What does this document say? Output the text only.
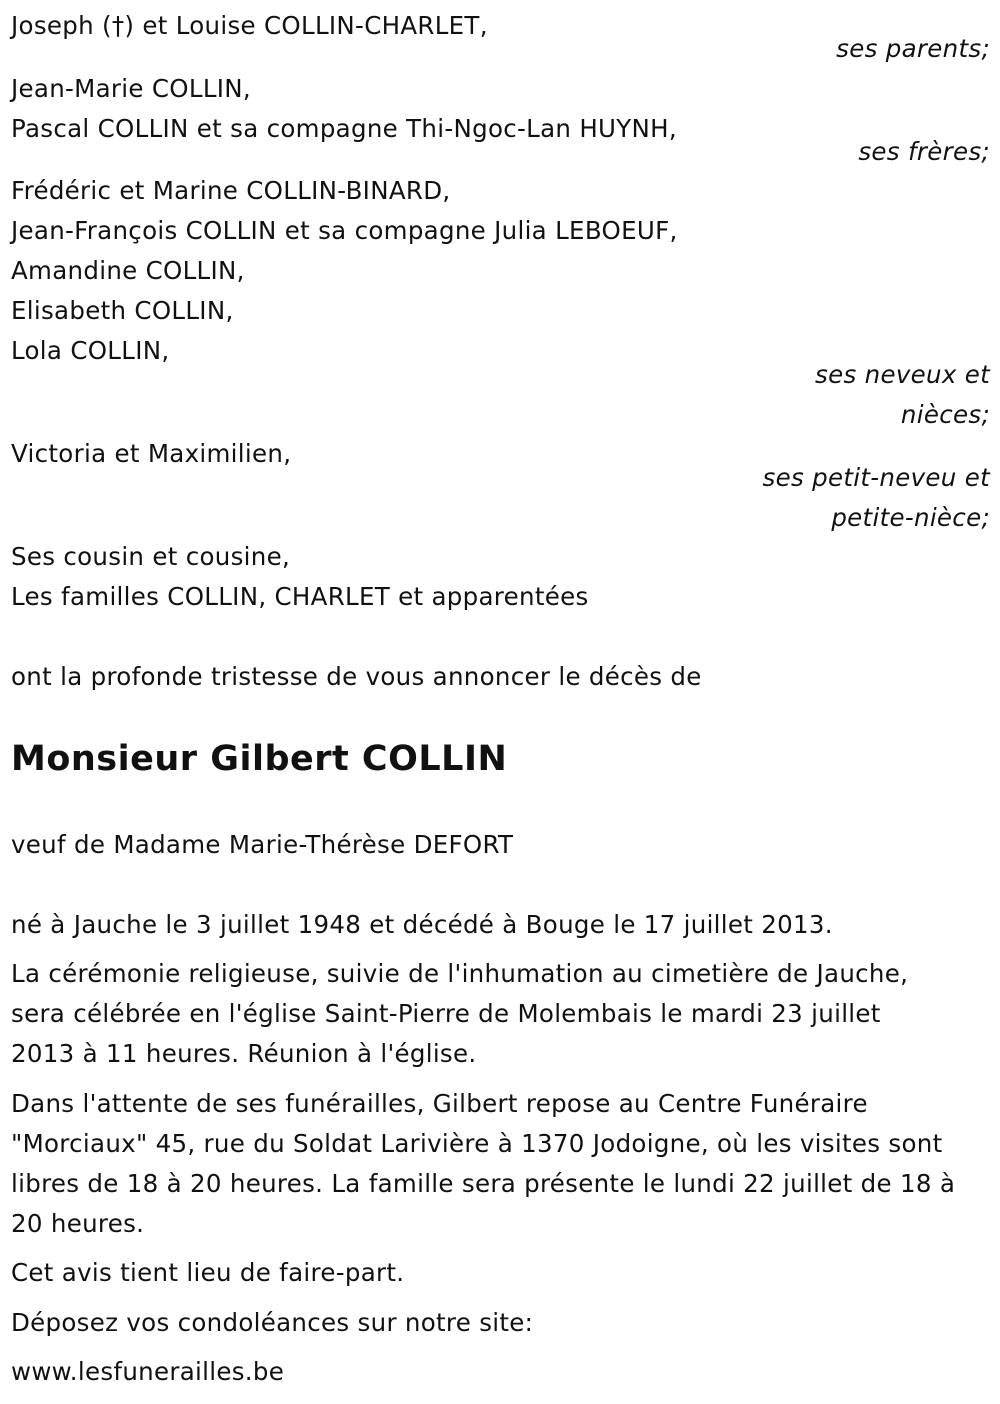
Joseph (†) et Louise COLLIN-CHARLET,
ses parents;
Jean-Marie COLLIN,
Pascal COLLIN et sa compagne Thi-Ngoc-Lan HUYNH,
ses frères;
Frédéric et Marine COLLIN-BINARD,
Jean-François COLLIN et sa compagne Julia LEBOEUF,
Amandine COLLIN,
Elisabeth COLLIN,
Lola COLLIN,
ses neveux et
nièces;
Victoria et Maximilien,
ses petit-neveu et
petite-nièce;
Ses cousin et cousine,
Les familles COLLIN, CHARLET et apparentées
ont la profonde tristesse de vous annoncer le décès de
Monsieur Gilbert COLLIN
veuf de Madame Marie-Thérèse DEFORT
né à Jauche le 3 juillet 1948 et décédé à Bouge le 17 juillet 2013.
La cérémonie religieuse, suivie de l'inhumation au cimetière de Jauche,
sera célébrée en l'église Saint-Pierre de Molembais le mardi 23 juillet
2013 à 11 heures. Réunion à l'église.
Dans l'attente de ses funérailles, Gilbert repose au Centre Funéraire
"Morciaux" 45, rue du Soldat Larivière à 1370 Jodoigne, où les visites sont
libres de 18 à 20 heures. La famille sera présente le lundi 22 juillet de 18 à
20 heures.
Cet avis tient lieu de faire-part.
Déposez vos condoléances sur notre site:
www.lesfunerailles.be
